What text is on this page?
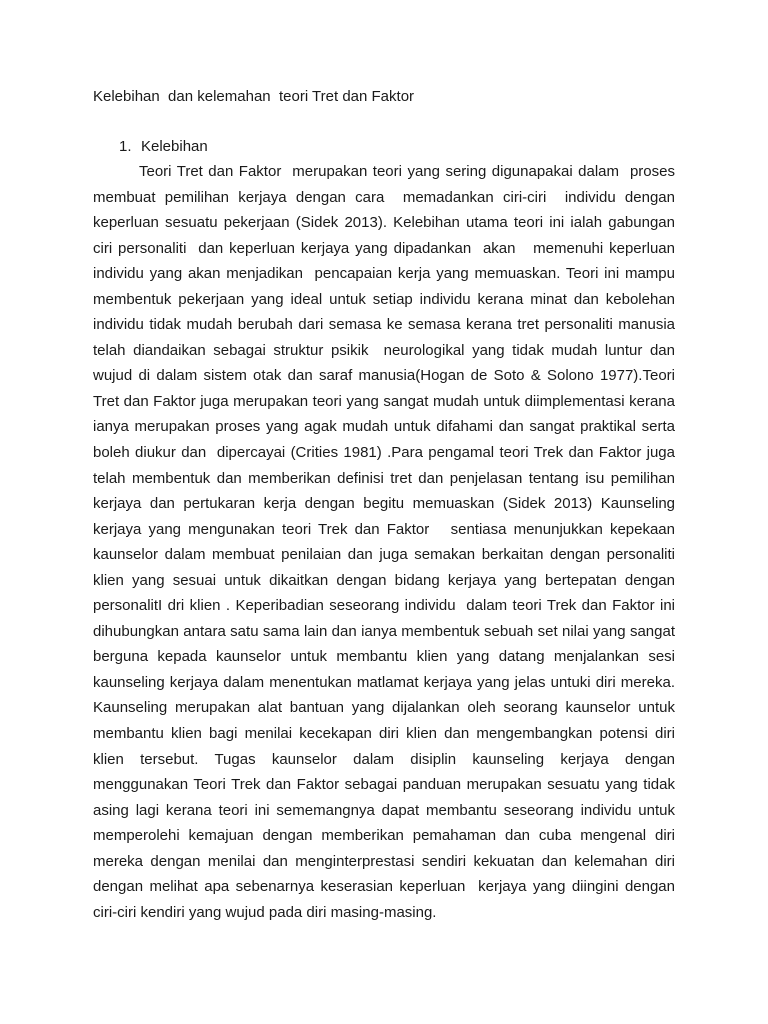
Kelebihan  dan kelemahan  teori Tret dan Faktor
1. Kelebihan
Teori Tret dan Faktor  merupakan teori yang sering digunapakai dalam  proses membuat pemilihan kerjaya dengan cara  memadankan ciri-ciri  individu dengan keperluan sesuatu pekerjaan (Sidek 2013). Kelebihan utama teori ini ialah gabungan ciri personaliti  dan keperluan kerjaya yang dipadankan  akan   memenuhi keperluan individu yang akan menjadikan  pencapaian kerja yang memuaskan. Teori ini mampu membentuk pekerjaan yang ideal untuk setiap individu kerana minat dan kebolehan individu tidak mudah berubah dari semasa ke semasa kerana tret personaliti manusia telah diandaikan sebagai struktur psikik  neurologikal yang tidak mudah luntur dan wujud di dalam sistem otak dan saraf manusia(Hogan de Soto & Solono 1977).Teori Tret dan Faktor juga merupakan teori yang sangat mudah untuk diimplementasi kerana ianya merupakan proses yang agak mudah untuk difahami dan sangat praktikal serta boleh diukur dan  dipercayai (Crities 1981) .Para pengamal teori Trek dan Faktor juga telah membentuk dan memberikan definisi tret dan penjelasan tentang isu pemilihan kerjaya dan pertukaran kerja dengan begitu memuaskan (Sidek 2013) Kaunseling kerjaya yang mengunakan teori Trek dan Faktor   sentiasa menunjukkan kepekaan kaunselor dalam membuat penilaian dan juga semakan berkaitan dengan personaliti klien yang sesuai untuk dikaitkan dengan bidang kerjaya yang bertepatan dengan personalitI dri klien . Keperibadian seseorang individu  dalam teori Trek dan Faktor ini dihubungkan antara satu sama lain dan ianya membentuk sebuah set nilai yang sangat berguna kepada kaunselor untuk membantu klien yang datang menjalankan sesi kaunseling kerjaya dalam menentukan matlamat kerjaya yang jelas untuki diri mereka.  Kaunseling merupakan alat bantuan yang dijalankan oleh seorang kaunselor untuk membantu klien bagi menilai kecekapan diri klien dan mengembangkan potensi diri klien tersebut. Tugas kaunselor dalam disiplin kaunseling kerjaya dengan menggunakan Teori Trek dan Faktor sebagai panduan merupakan sesuatu yang tidak asing lagi kerana teori ini sememangnya dapat membantu seseorang individu untuk memperolehi kemajuan dengan memberikan pemahaman dan cuba mengenal diri mereka dengan menilai dan menginterprestasi sendiri kekuatan dan kelemahan diri  dengan melihat apa sebenarnya keserasian keperluan  kerjaya yang diingini dengan ciri-ciri kendiri yang wujud pada diri masing-masing.
